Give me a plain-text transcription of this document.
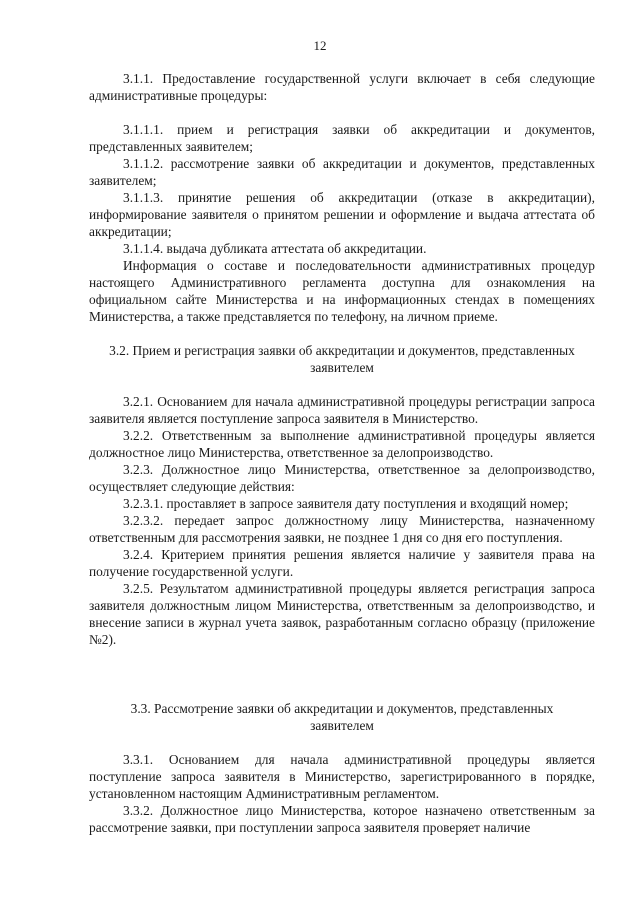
12

3.1.1. Предоставление государственной услуги включает в себя следующие административные процедуры:

3.1.1.1. прием и регистрация заявки об аккредитации и документов, представленных заявителем;

3.1.1.2. рассмотрение заявки об аккредитации и документов, представленных заявителем;

3.1.1.3. принятие решения об аккредитации (отказе в аккредитации), информирование заявителя о принятом решении и оформление и выдача аттестата об аккредитации;

3.1.1.4. выдача дубликата аттестата об аккредитации.

Информация о составе и последовательности административных процедур настоящего Административного регламента доступна для ознакомления на официальном сайте Министерства и на информационных стендах в помещениях Министерства, а также представляется по телефону, на личном приеме.

3.2. Прием и регистрация заявки об аккредитации и документов, представленных заявителем

3.2.1. Основанием для начала административной процедуры регистрации запроса заявителя является поступление запроса заявителя в Министерство.

3.2.2. Ответственным за выполнение административной процедуры является должностное лицо Министерства, ответственное за делопроизводство.

3.2.3. Должностное лицо Министерства, ответственное за делопроизводство, осуществляет следующие действия:

3.2.3.1. проставляет в запросе заявителя дату поступления и входящий номер;

3.2.3.2. передает запрос должностному лицу Министерства, назначенному ответственным для рассмотрения заявки, не позднее 1 дня со дня его поступления.

3.2.4. Критерием принятия решения является наличие у заявителя права на получение государственной услуги.

3.2.5. Результатом административной процедуры является регистрация запроса заявителя должностным лицом Министерства, ответственным за делопроизводство, и внесение записи в журнал учета заявок, разработанным согласно образцу (приложение №2).

3.3. Рассмотрение заявки об аккредитации и документов, представленных заявителем

3.3.1. Основанием для начала административной процедуры является поступление запроса заявителя в Министерство, зарегистрированного в порядке, установленном настоящим Административным регламентом.

3.3.2. Должностное лицо Министерства, которое назначено ответственным за рассмотрение заявки, при поступлении запроса заявителя проверяет наличие
